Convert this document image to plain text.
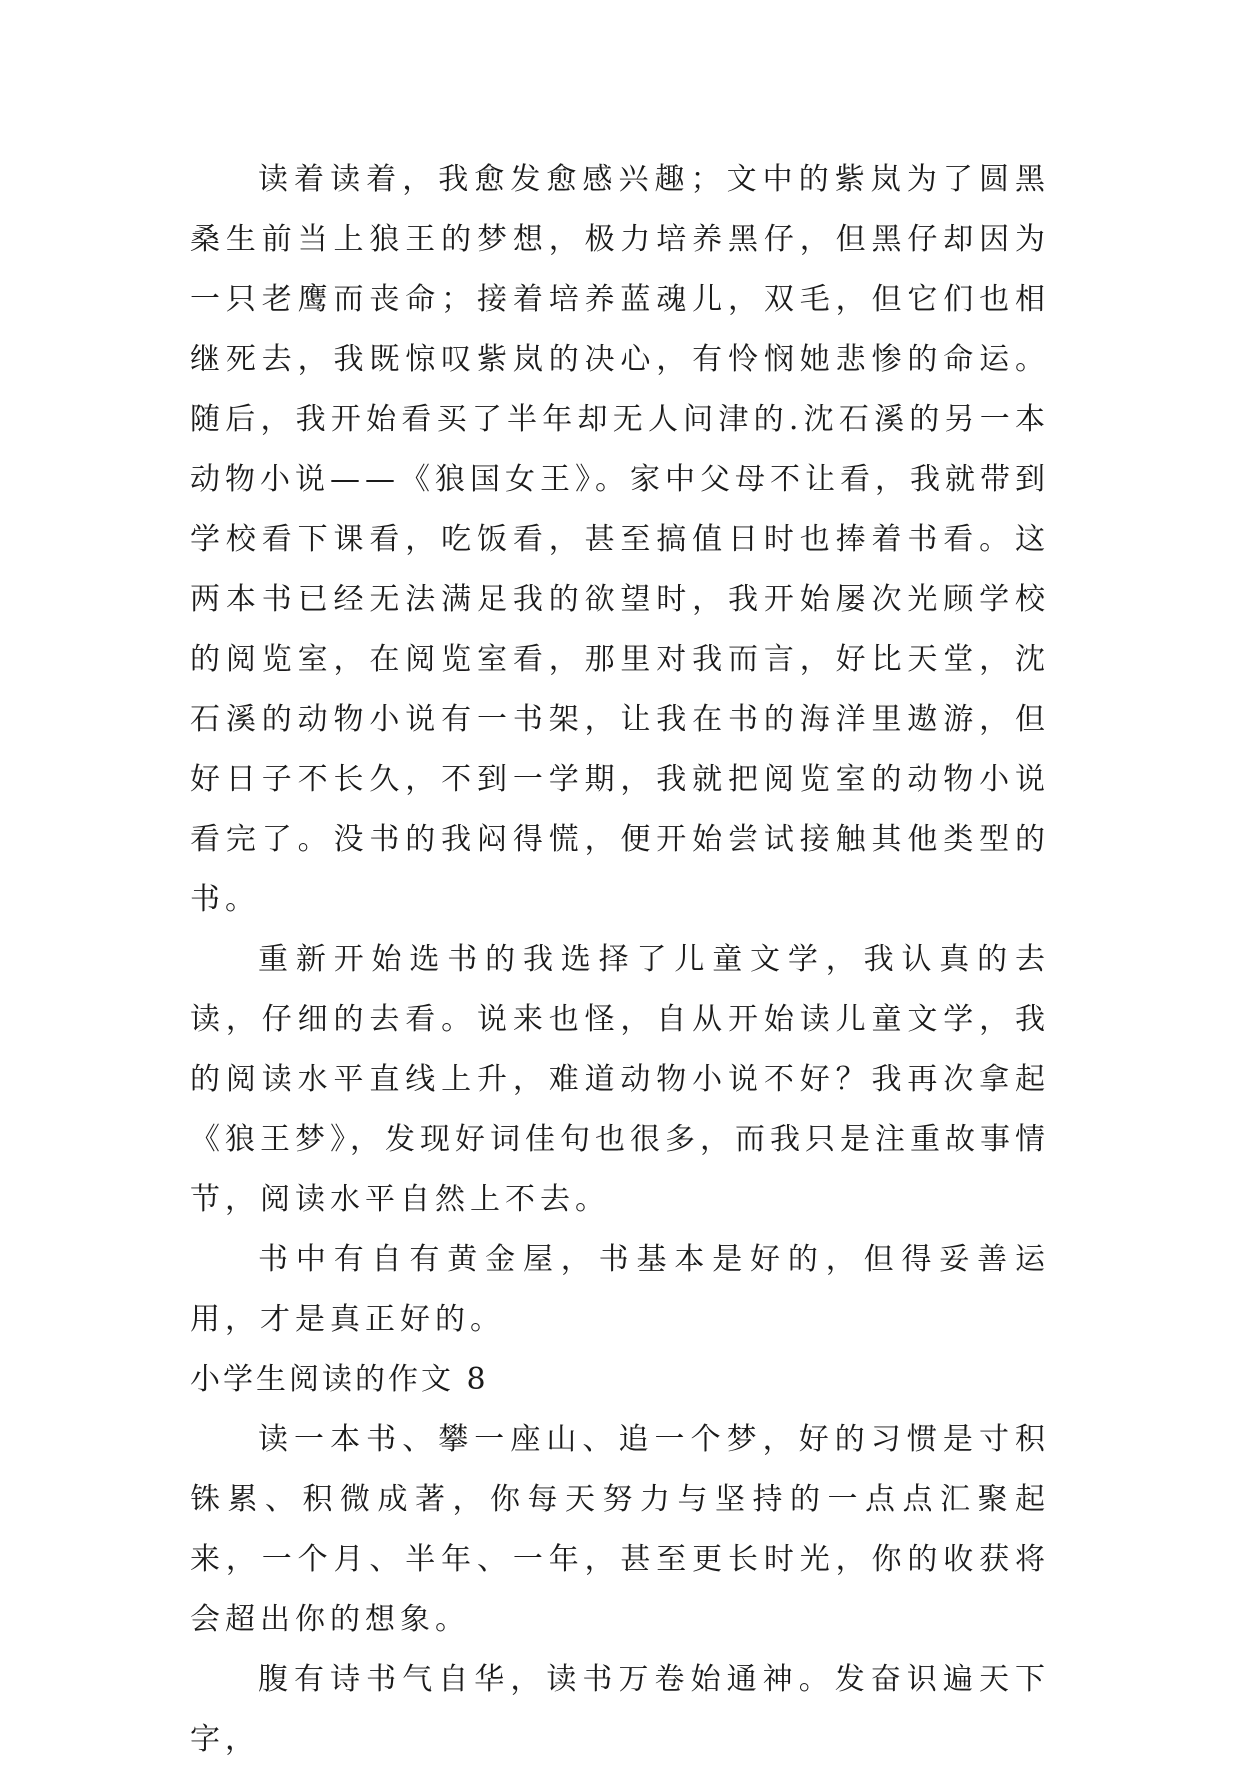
读着读着，我愈发愈感兴趣；文中的紫岚为了圆黑桑生前当上狼王的梦想，极力培养黑仔，但黑仔却因为一只老鹰而丧命；接着培养蓝魂儿，双毛，但它们也相继死去，我既惊叹紫岚的决心，有怜悯她悲惨的命运。随后，我开始看买了半年却无人问津的.沈石溪的另一本动物小说——《狼国女王》。家中父母不让看，我就带到学校看下课看，吃饭看，甚至搞值日时也捧着书看。这两本书已经无法满足我的欲望时，我开始屡次光顾学校的阅览室，在阅览室看，那里对我而言，好比天堂，沈石溪的动物小说有一书架，让我在书的海洋里遨游，但好日子不长久，不到一学期，我就把阅览室的动物小说看完了。没书的我闷得慌，便开始尝试接触其他类型的书。

重新开始选书的我选择了儿童文学，我认真的去读，仔细的去看。说来也怪，自从开始读儿童文学，我的阅读水平直线上升，难道动物小说不好？我再次拿起《狼王梦》，发现好词佳句也很多，而我只是注重故事情节，阅读水平自然上不去。

书中有自有黄金屋，书基本是好的，但得妥善运用，才是真正好的。

小学生阅读的作文 8

读一本书、攀一座山、追一个梦，好的习惯是寸积铢累、积微成著，你每天努力与坚持的一点点汇聚起来，一个月、半年、一年，甚至更长时光，你的收获将会超出你的想象。

腹有诗书气自华，读书万卷始通神。发奋识遍天下字，
